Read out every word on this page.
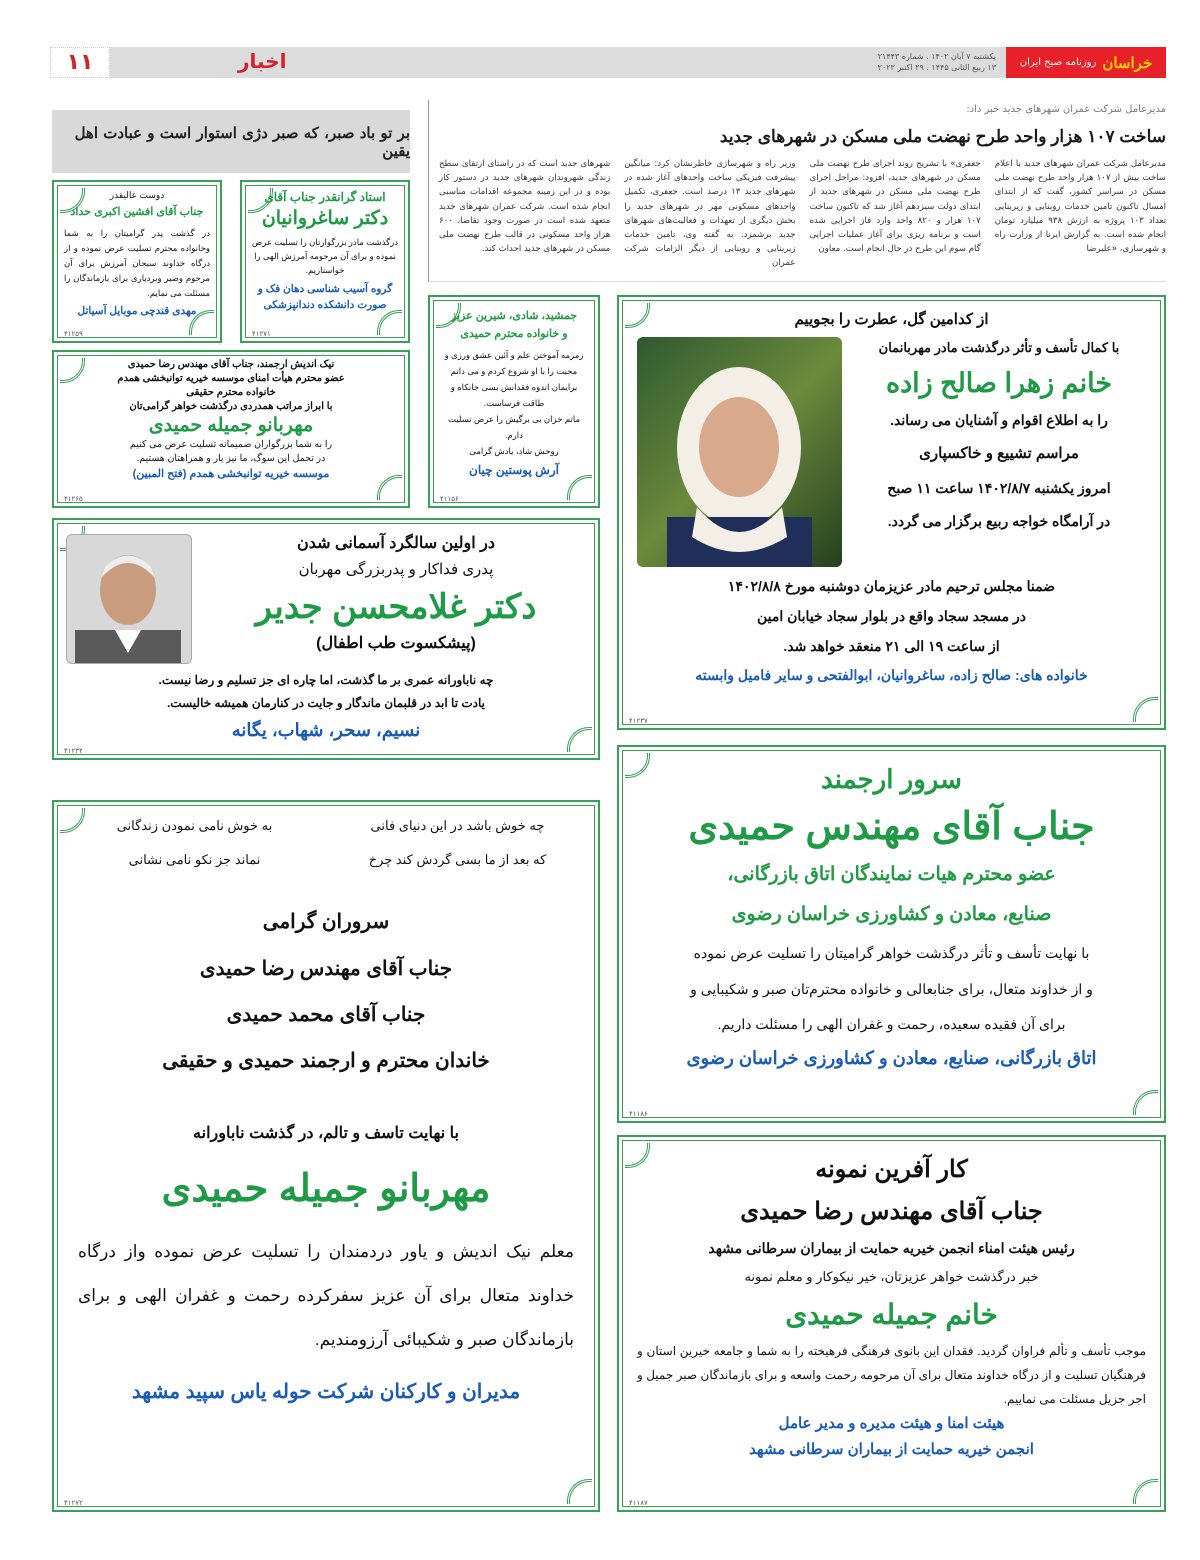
خراسان
روزنامه صبح ایران
یکشنبه ۷ آبان ۱۴۰۲ . شماره ۲۱۴۴۳
۱۳ ربیع الثانی ۱۴۴۵ . ۲۹ اکتبر ۲۰۲۳
اخبار
۱۱
مدیرعامل شرکت عمران شهرهای جدید خبر داد:
ساخت ۱۰۷ هزار واحد طرح نهضت ملی مسکن در شهرهای جدید

مدیرعامل شرکت عمران شهرهای جدید با اعلام ساخت بیش از ۱۰۷ هزار واحد طرح نهضت ملی مسکن در سراسر کشور، گفت که از ابتدای امسال تاکنون تامین خدمات روبنایی و زیربنایی تعداد ۱۰۳ پروژه به ارزش ۹۳۸ میلیارد تومان انجام شده است. به گزارش ایرنا از وزارت راه و شهرسازی، «علیرضا

جعفری» با تشریح روند اجرای طرح نهضت ملی مسکن در شهرهای جدید، افزود: مراحل اجرای طرح نهضت ملی مسکن در شهرهای جدید از ابتدای دولت سیزدهم آغاز شد که تاکنون ساخت ۱۰۷ هزار و ۸۲۰ واحد وارد فاز اجرایی شده است و برنامه ریزی برای آغاز عملیات اجرایی گام سوم این طرح در حال انجام است. معاون

وزیر راه و شهرسازی خاطرنشان کرد: میانگین پیشرفت فیزیکی ساخت واحدهای آغاز شده در شهرهای جدید ۱۳ درصد است. جعفری، تکمیل واحدهای مسکونی مهر در شهرهای جدید را بخش دیگری از تعهدات و فعالیت‌های شهرهای جدید برشمرد. به گفته وی، تامین خدمات زیربنایی و روبنایی از دیگر الزامات شرکت عمران

شهرهای جدید است که در راستای ارتقای سطح زندگی شهروندان شهرهای جدید در دستور کار بوده و در این زمینه مجموعه اقدامات مناسبی انجام شده است. شرکت عمران شهرهای جدید متعهد شده است در صورت وجود تقاضا، ۶۰۰ هزار واحد مسکونی در قالب طرح نهضت ملی مسکن در شهرهای جدید احداث کند.

بر تو باد صبر، که صبر دژی استوار است و عبادت اهل یقین
دوست عالیقدر
جناب آقای افشین اکبری حداد
در گذشت پدر گرامیتان را به شما وخانواده محترم تسلیت عرض نموده و از درگاه خداوند سبحان آمرزش برای آن مرحوم وصبر وبردباری برای بازماندگان را مسئلت می نمایم.
مهدی قندچی موبایل آسیاتل
۴۱۲۵۹
استاد گرانقدر جناب آقای
دکتر ساغروانیان
درگذشت مادر بزرگوارتان را تسلیت عرض نموده و برای آن مرحومه آمرزش الهی را خواستاریم.
گروه آسیب شناسی دهان فک و صورت دانشکده دندانپزشکی
۴۱۲۷۱
نیک اندیش ارجمند، جناب آقای مهندس رضا حمیدی
عضو محترم هیأت امنای موسسه خیریه توانبخشی همدم
خانواده محترم حقیقی
با ابراز مراتب همدردی درگذشت خواهر گرامی‌تان
مهربانو جمیله حمیدی
را به شما بزرگواران صمیمانه تسلیت عرض می کنیم
در تحمل این سوگ، ما نیز یار و همراهتان هستیم.
موسسه خیریه توانبخشی همدم (فتح المبین)
۴۱۲۶۵
جمشید، شادی، شیرین عزیز
و خانواده محترم حمیدی
زمزمه آموختن علم و آئین عشق ورزی و محبت را با او شروع کردم و می دانم برایمان اندوه فقدانش بسی جانکاه و طاقت فرساست.
ماتم خزان بی برگیش را عرض تسلیت دارم.
روحش شاد، یادش گرامی
آرش پوستین چیان
۴۱۱۵۶
از کدامین گل، عطرت را بجوییم
با کمال تأسف و تأثر درگذشت مادر مهربانمان
خانم زهرا صالح زاده
را به اطلاع اقوام و آشنایان می رساند.
مراسم تشییع و خاکسپاری
امروز یکشنبه ۱۴۰۲/۸/۷ ساعت ۱۱ صبح
در آرامگاه خواجه ربیع برگزار می گردد.
ضمنا مجلس ترحیم مادر عزیزمان دوشنبه مورخ ۱۴۰۲/۸/۸
در مسجد سجاد واقع در بلوار سجاد خیابان امین
از ساعت ۱۹ الی ۲۱ منعقد خواهد شد.
خانواده های: صالح زاده، ساغروانیان، ابوالفتحی و سایر فامیل وابسته
۴۱۲۳۷
در اولین سالگرد آسمانی شدن
پدری فداکار و پدربزرگی مهربان
دکتر غلامحسن جدیر
(پیشکسوت طب اطفال)
چه ناباورانه عمری بر ما گذشت، اما چاره ای جز تسلیم و رضا نیست.
یادت تا ابد در قلبمان ماندگار و جایت در کنارمان همیشه خالیست.
نسیم، سحر، شهاب، یگانه
۴۱۲۳۴
سرور ارجمند
جناب آقای مهندس حمیدی
عضو محترم هیات نمایندگان اتاق بازرگانی،
صنایع، معادن و کشاورزی خراسان رضوی
با نهایت تأسف و تأثر درگذشت خواهر گرامیتان را تسلیت عرض نموده
و از خداوند متعال، برای جنابعالی و خانواده محترم‌تان صبر و شکیبایی و
برای آن فقیده سعیده، رحمت و غفران الهی را مسئلت داریم.
اتاق بازرگانی، صنایع، معادن و کشاورزی خراسان رضوی
۴۱۱۸۶
چه خوش باشد در این دنیای فانی
به خوش نامی نمودن زندگانی
که بعد از ما بسی گردش کند چرخ
نماند جز نکو نامی نشانی
سروران گرامی
جناب آقای مهندس رضا حمیدی
جناب آقای محمد حمیدی
خاندان محترم و ارجمند حمیدی و حقیقی
با نهایت تاسف و تالم، در گذشت ناباورانه
مهربانو جمیله حمیدی
معلم نیک اندیش و یاور دردمندان را تسلیت عرض نموده واز درگاه خداوند متعال برای آن عزیز سفرکرده رحمت و غفران الهی و برای بازماندگان صبر و شکیبائی آرزومندیم.
مدیران و کارکنان شرکت حوله یاس سپید مشهد
۴۱۲۷۲
کار آفرین نمونه
جناب آقای مهندس رضا حمیدی
رئیس هیئت امناء انجمن خیریه حمایت از بیماران سرطانی مشهد
خبر درگذشت خواهر عزیزتان، خیر نیکوکار و معلم نمونه
خانم جمیله حمیدی
موجب تأسف و تألم فراوان گردید. فقدان این بانوی فرهنگی فرهیخته را به شما و جامعه خیرین استان و فرهنگیان تسلیت و از درگاه خداوند متعال برای آن مرحومه رحمت واسعه و برای بازماندگان صبر جمیل و اجر جزیل مسئلت می نماییم.
هیئت امنا و هیئت مدیره و مدیر عامل
انجمن خیریه حمایت از بیماران سرطانی مشهد
۴۱۱۸۷
